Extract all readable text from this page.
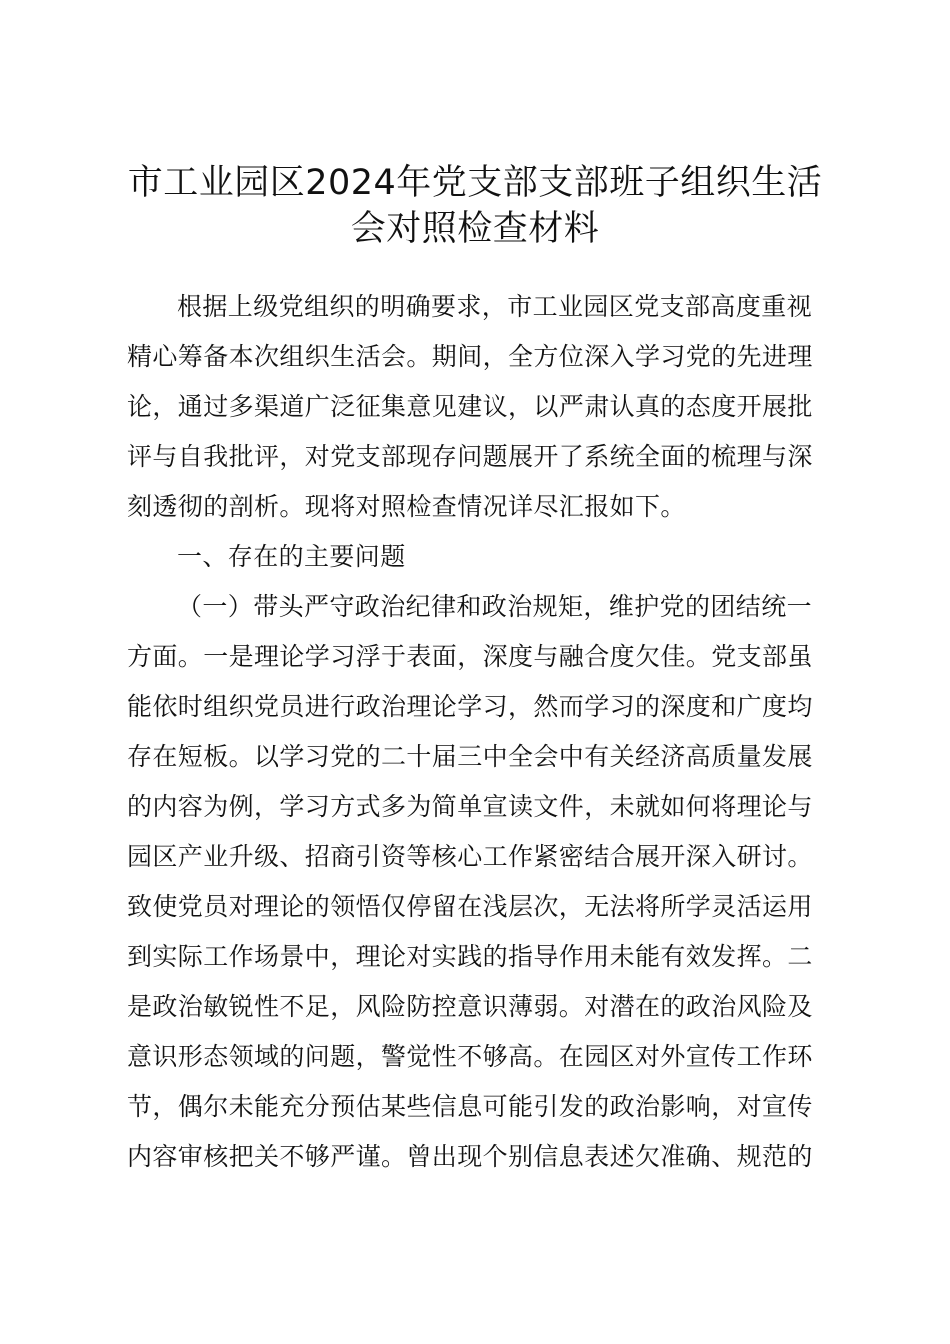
市工业园区2024年党支部支部班子组织生活
会对照检查材料
根据上级党组织的明确要求，市工业园区党支部高度重视
精心筹备本次组织生活会。期间，全方位深入学习党的先进理
论，通过多渠道广泛征集意见建议，以严肃认真的态度开展批
评与自我批评，对党支部现存问题展开了系统全面的梳理与深
刻透彻的剖析。现将对照检查情况详尽汇报如下。
一、存在的主要问题
（一）带头严守政治纪律和政治规矩，维护党的团结统一
方面。一是理论学习浮于表面，深度与融合度欠佳。党支部虽
能依时组织党员进行政治理论学习，然而学习的深度和广度均
存在短板。以学习党的二十届三中全会中有关经济高质量发展
的内容为例，学习方式多为简单宣读文件，未就如何将理论与
园区产业升级、招商引资等核心工作紧密结合展开深入研讨。
致使党员对理论的领悟仅停留在浅层次，无法将所学灵活运用
到实际工作场景中，理论对实践的指导作用未能有效发挥。二
是政治敏锐性不足，风险防控意识薄弱。对潜在的政治风险及
意识形态领域的问题，警觉性不够高。在园区对外宣传工作环
节，偶尔未能充分预估某些信息可能引发的政治影响，对宣传
内容审核把关不够严谨。曾出现个别信息表述欠准确、规范的
